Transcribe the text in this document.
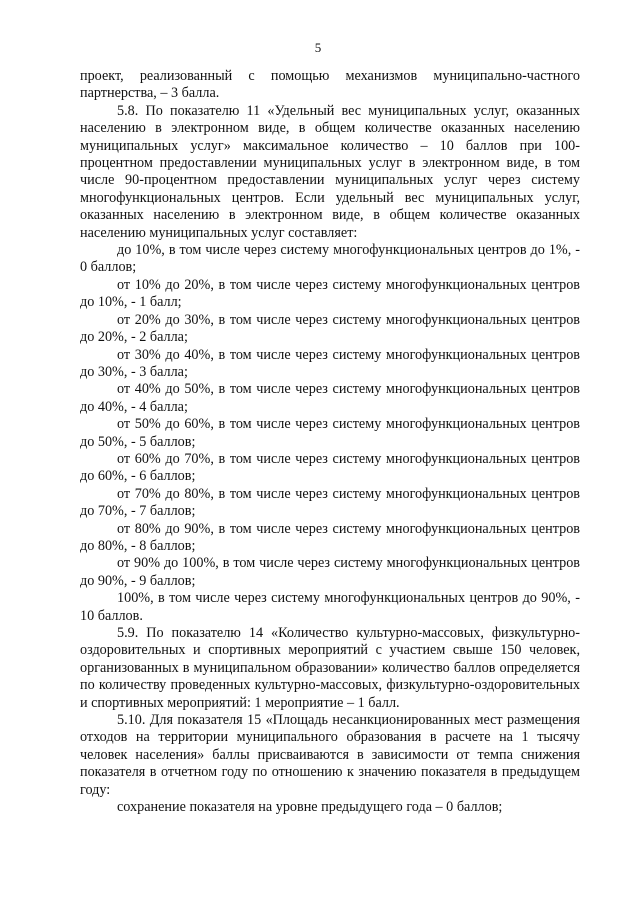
5

проект, реализованный с помощью механизмов муниципально-частного партнерства, – 3 балла.

5.8. По показателю 11 «Удельный вес муниципальных услуг, оказанных населению в электронном виде, в общем количестве оказанных населению муниципальных услуг» максимальное количество – 10 баллов при 100-процентном предоставлении муниципальных услуг в электронном виде, в том числе 90-процентном предоставлении муниципальных услуг через систему многофункциональных центров. Если удельный вес муниципальных услуг, оказанных населению в электронном виде, в общем количестве оказанных населению муниципальных услуг составляет:

до 10%, в том числе через систему многофункциональных центров до 1%, - 0 баллов;

от 10% до 20%, в том числе через систему многофункциональных центров до 10%, - 1 балл;

от 20% до 30%, в том числе через систему многофункциональных центров до 20%, - 2 балла;

от 30% до 40%, в том числе через систему многофункциональных центров до 30%, - 3 балла;

от 40% до 50%, в том числе через систему многофункциональных центров до 40%, - 4 балла;

от 50% до 60%, в том числе через систему многофункциональных центров до 50%, - 5 баллов;

от 60% до 70%, в том числе через систему многофункциональных центров до 60%, - 6 баллов;

от 70% до 80%, в том числе через систему многофункциональных центров до 70%, - 7 баллов;

от 80% до 90%, в том числе через систему многофункциональных центров до 80%, - 8 баллов;

от 90% до 100%, в том числе через систему многофункциональных центров до 90%, - 9 баллов;

100%, в том числе через систему многофункциональных центров до 90%, - 10 баллов.

5.9. По показателю 14 «Количество культурно-массовых, физкультурно-оздоровительных и спортивных мероприятий с участием свыше 150 человек, организованных в муниципальном образовании» количество баллов определяется по количеству проведенных культурно-массовых, физкультурно-оздоровительных и спортивных мероприятий: 1 мероприятие – 1 балл.

5.10. Для показателя 15 «Площадь несанкционированных мест размещения отходов на территории муниципального образования в расчете на 1 тысячу человек населения» баллы присваиваются в зависимости от темпа снижения показателя в отчетном году по отношению к значению показателя в предыдущем году:

сохранение показателя на уровне предыдущего года – 0 баллов;
